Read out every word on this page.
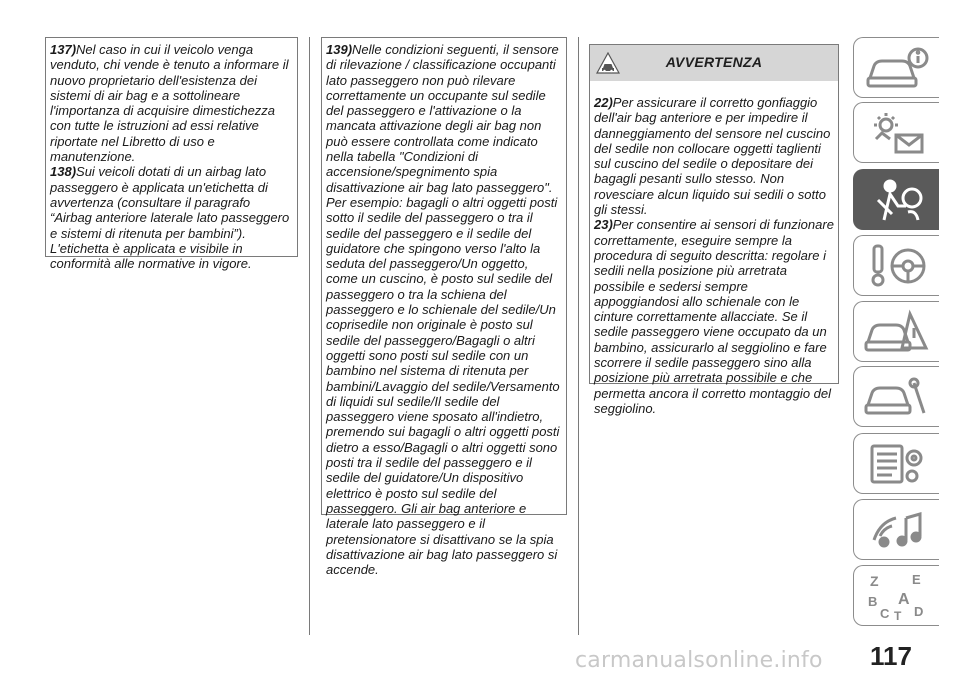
137)Nel caso in cui il veicolo venga venduto, chi vende è tenuto a informare il nuovo proprietario dell'esistenza dei sistemi di air bag e a sottolineare l'importanza di acquisire dimestichezza con tutte le istruzioni ad essi relative riportate nel Libretto di uso e manutenzione.
138)Sui veicoli dotati di un airbag lato passeggero è applicata un'etichetta di avvertenza (consultare il paragrafo “Airbag anteriore laterale lato passeggero e sistemi di ritenuta per bambini”). L'etichetta è applicata e visibile in conformità alle normative in vigore.
139)Nelle condizioni seguenti, il sensore di rilevazione / classificazione occupanti lato passeggero non può rilevare correttamente un occupante sul sedile del passeggero e l'attivazione o la mancata attivazione degli air bag non può essere controllata come indicato nella tabella "Condizioni di accensione/spegnimento spia disattivazione air bag lato passeggero". Per esempio: bagagli o altri oggetti posti sotto il sedile del passeggero o tra il sedile del passeggero e il sedile del guidatore che spingono verso l'alto la seduta del passeggero/Un oggetto, come un cuscino, è posto sul sedile del passeggero o tra la schiena del passeggero e lo schienale del sedile/Un coprisedile non originale è posto sul sedile del passeggero/Bagagli o altri oggetti sono posti sul sedile con un bambino nel sistema di ritenuta per bambini/Lavaggio del sedile/Versamento di liquidi sul sedile/Il sedile del passeggero viene sposato all'indietro, premendo sui bagagli o altri oggetti posti dietro a esso/Bagagli o altri oggetti sono posti tra il sedile del passeggero e il sedile del guidatore/Un dispositivo elettrico è posto sul sedile del passeggero. Gli air bag anteriore e laterale lato passeggero e il pretensionatore si disattivano se la spia disattivazione air bag lato passeggero si accende.
AVVERTENZA
22)Per assicurare il corretto gonfiaggio dell'air bag anteriore e per impedire il danneggiamento del sensore nel cuscino del sedile non collocare oggetti taglienti sul cuscino del sedile o depositare dei bagagli pesanti sullo stesso. Non rovesciare alcun liquido sui sedili o sotto gli stessi.
23)Per consentire ai sensori di funzionare correttamente, eseguire sempre la procedura di seguito descritta: regolare i sedili nella posizione più arretrata possibile e sedersi sempre appoggiandosi allo schienale con le cinture correttamente allacciate. Se il sedile passeggero viene occupato da un bambino, assicurarlo al seggiolino e fare scorrere il sedile passeggero sino alla posizione più arretrata possibile e che permetta ancora il corretto montaggio del seggiolino.
Z	E
B A
C T D
117
carmanualsonline.info
